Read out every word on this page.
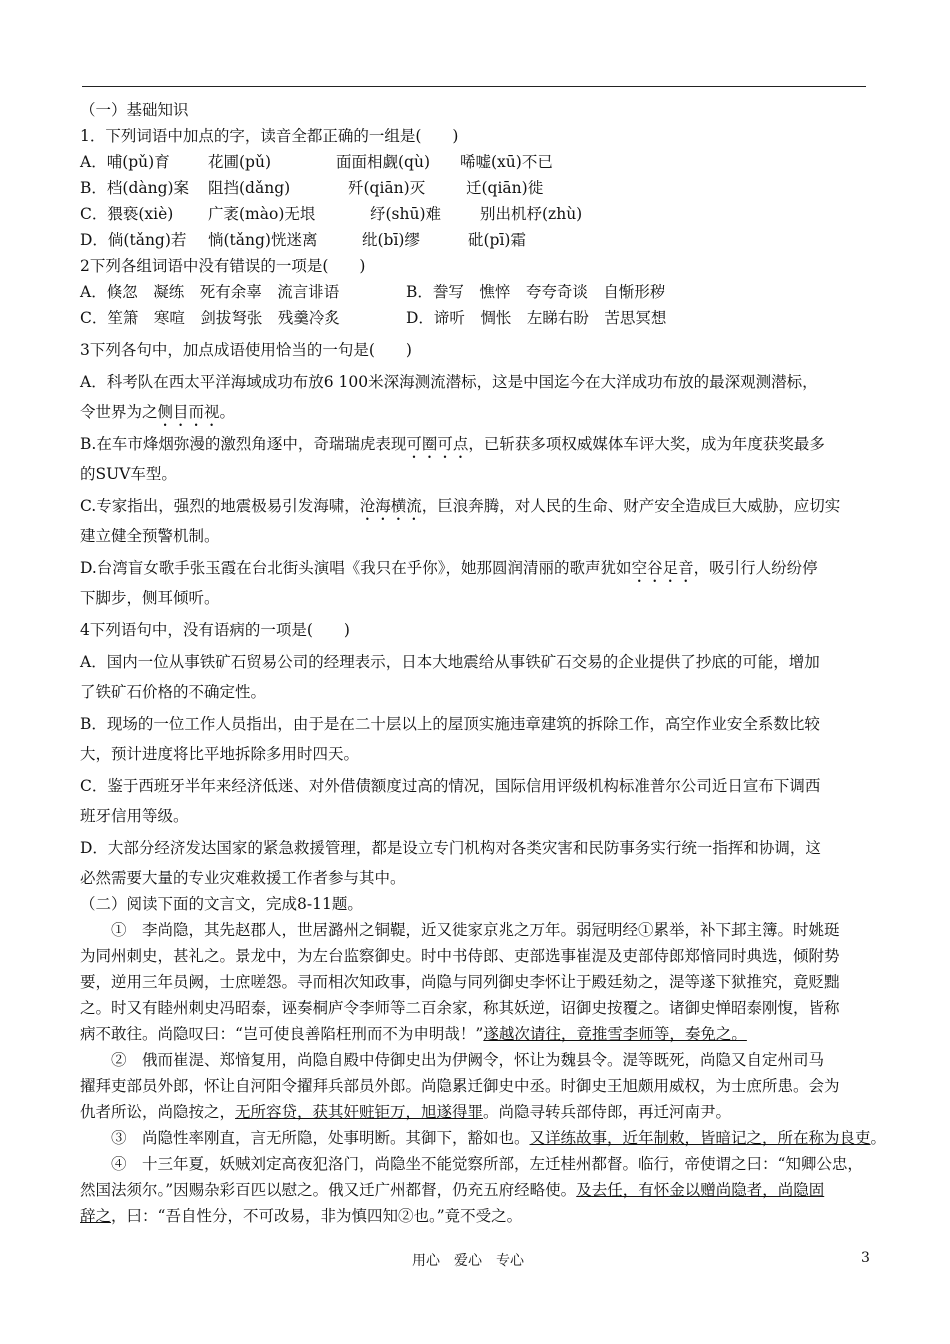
（一）基础知识
1．下列词语中加点的字，读音全都正确的一组是(　　)
A．哺(pǔ)育 花圃(pǔ)	面面相觑(qù) 唏嘘(xū)不已
B．档(dàng)案 阻挡(dǎng)	歼(qiān)灭	迁(qiān)徙
C．猥亵(xiè) 广袤(mào)无垠	纾(shū)难	别出机杼(zhù)
D．倘(tǎng)若 惝(tǎng)恍迷离	纰(bī)缪	砒(pī)霜
2下列各组词语中没有错误的一项是(　　)
A．倏忽　凝练　死有余辜　流言诽语	B．誊写　憔悴　夸夸奇谈　自惭形秽
C．笙箫　寒喧　剑拔弩张　残羹冷炙	D．谛听　惆怅　左睇右盼　苦思冥想
3下列各句中，加点成语使用恰当的一句是(　　)
A．科考队在西太平洋海域成功布放6 100米深海测流潜标，这是中国迄今在大洋成功布放的最深观测潜标，
令世界为之侧目而视。
B.在车市烽烟弥漫的激烈角逐中，奇瑞瑞虎表现可圈可点，已斩获多项权威媒体车评大奖，成为年度获奖最多
的SUV车型。
C.专家指出，强烈的地震极易引发海啸，沧海横流，巨浪奔腾，对人民的生命、财产安全造成巨大威胁，应切实
建立健全预警机制。
D.台湾盲女歌手张玉霞在台北街头演唱《我只在乎你》，她那圆润清丽的歌声犹如空谷足音，吸引行人纷纷停
下脚步，侧耳倾听。
4下列语句中，没有语病的一项是(　　)
A．国内一位从事铁矿石贸易公司的经理表示，日本大地震给从事铁矿石交易的企业提供了抄底的可能，增加
了铁矿石价格的不确定性。
B．现场的一位工作人员指出，由于是在二十层以上的屋顶实施违章建筑的拆除工作，高空作业安全系数比较
大，预计进度将比平地拆除多用时四天。
C．鉴于西班牙半年来经济低迷、对外借债额度过高的情况，国际信用评级机构标准普尔公司近日宣布下调西
班牙信用等级。
D．大部分经济发达国家的紧急救援管理，都是设立专门机构对各类灾害和民防事务实行统一指挥和协调，这
必然需要大量的专业灾难救援工作者参与其中。
（二）阅读下面的文言文，完成8-11题。
　　①　李尚隐，其先赵郡人，世居潞州之铜鞮，近又徙家京兆之万年。弱冠明经①累举，补下邽主簿。时姚珽
为同州刺史，甚礼之。景龙中，为左台监察御史。时中书侍郎、吏部选事崔湜及吏部侍郎郑愔同时典选，倾附势
要，逆用三年员阙，士庶嗟怨。寻而相次知政事，尚隐与同列御史李怀让于殿廷劾之，湜等遂下狱推究，竟贬黜
之。时又有睦州刺史冯昭泰，诬奏桐庐令李师等二百余家，称其妖逆，诏御史按覆之。诸御史惮昭泰刚愎，皆称
病不敢往。尚隐叹曰：“岂可使良善陷枉刑而不为申明哉！”遂越次请往，竟推雪李师等，奏免之。
　　②　俄而崔湜、郑愔复用，尚隐自殿中侍御史出为伊阙令，怀让为魏县令。湜等既死，尚隐又自定州司马
擢拜吏部员外郎，怀让自河阳令擢拜兵部员外郎。尚隐累迁御史中丞。时御史王旭颇用威权，为士庶所患。会为
仇者所讼，尚隐按之，无所容贷，获其奸赃钜万，旭遂得罪。尚隐寻转兵部侍郎，再迁河南尹。
　　③　尚隐性率刚直，言无所隐，处事明断。其御下，豁如也。又详练故事，近年制敕，皆暗记之，所在称为良吏。
　　④　十三年夏，妖贼刘定高夜犯洛门，尚隐坐不能觉察所部，左迁桂州都督。临行，帝使谓之曰：“知卿公忠，
然国法须尔。”因赐杂彩百匹以慰之。俄又迁广州都督，仍充五府经略使。及去任，有怀金以赠尚隐者，尚隐固
辞之，曰：“吾自性分，不可改易，非为慎四知②也。”竟不受之。
用心　爱心　专心	3
